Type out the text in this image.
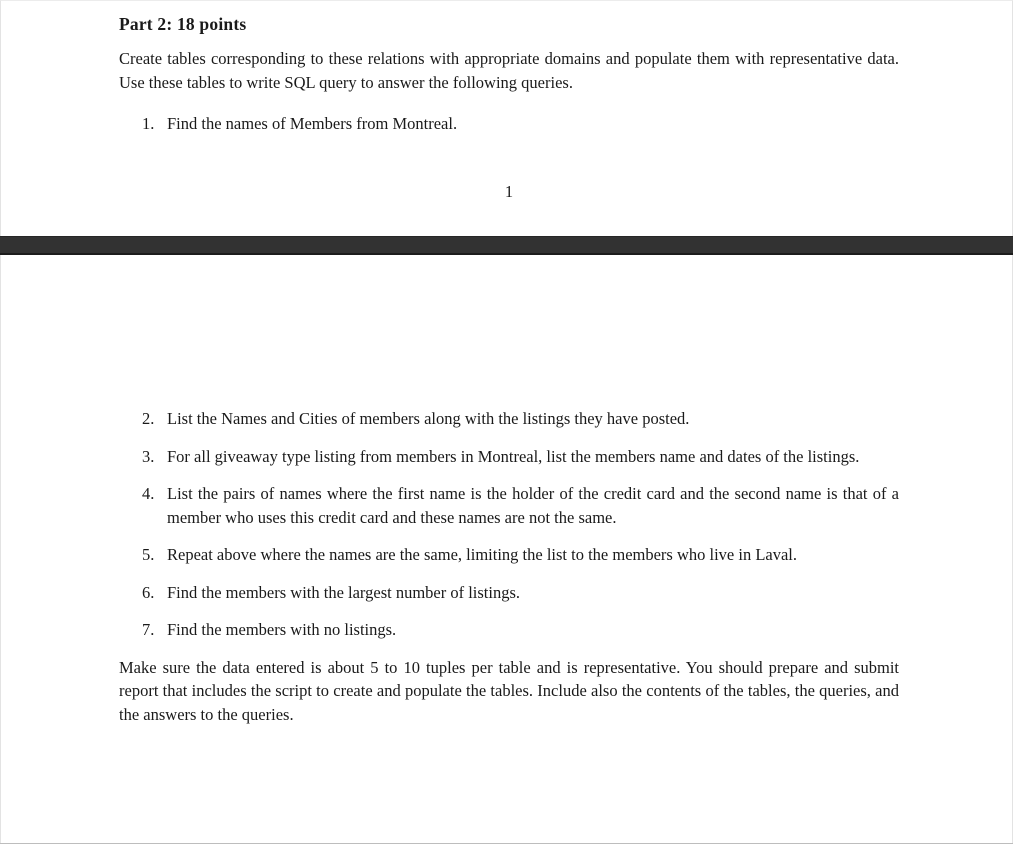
Part 2: 18 points

Create tables corresponding to these relations with appropriate domains and populate them with representative data. Use these tables to write SQL query to answer the following queries.

1. Find the names of Members from Montreal.
1
2. List the Names and Cities of members along with the listings they have posted.
3. For all giveaway type listing from members in Montreal, list the members name and dates of the listings.
4. List the pairs of names where the first name is the holder of the credit card and the second name is that of a member who uses this credit card and these names are not the same.
5. Repeat above where the names are the same, limiting the list to the members who live in Laval.
6. Find the members with the largest number of listings.
7. Find the members with no listings.

Make sure the data entered is about 5 to 10 tuples per table and is representative. You should prepare and submit report that includes the script to create and populate the tables. Include also the contents of the tables, the queries, and the answers to the queries.
